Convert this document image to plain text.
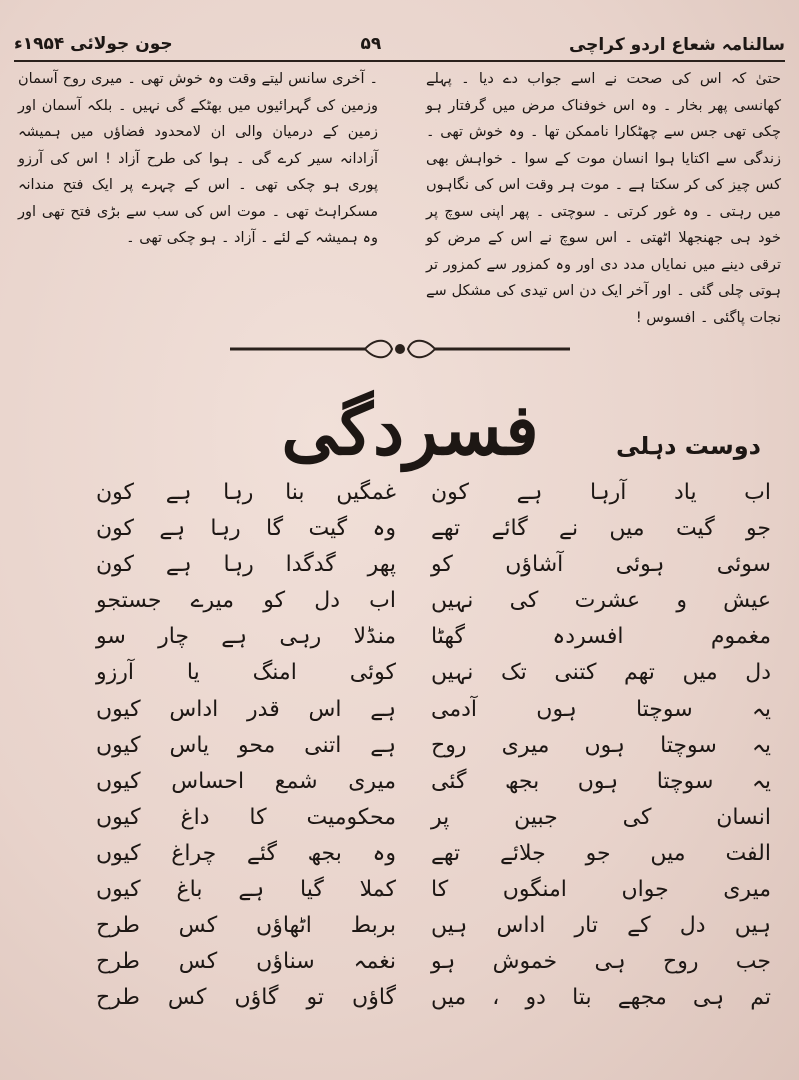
سالنامہ شعاع اردو کراچی
۵۹
جون جولائی ۱۹۵۴ء

حتیٰ کہ اس کی صحت نے اسے جواب دے دیا ۔ پہلے کھانسی پھر بخار ۔ وہ اس خوفناک مرض میں گرفتار ہو چکی تھی جس سے چھٹکارا ناممکن تھا ۔ وہ خوش تھی ۔ زندگی سے اکتایا ہوا انسان موت کے سوا ۔ خواہش بھی کس چیز کی کر سکتا ہے ۔ موت ہر وقت اس کی نگاہوں میں رہتی ۔ وہ غور کرتی ۔ سوچتی ۔ پھر اپنی سوچ پر خود ہی جھنجھلا اٹھتی ۔ اس سوچ نے اس کے مرض کو ترقی دینے میں نمایاں مدد دی اور وہ کمزور سے کمزور تر ہوتی چلی گئی ۔ اور آخر ایک دن اس تیدی کی مشکل سے نجات پاگئی ۔ افسوس !

۔ آخری سانس لیتے وقت وہ خوش تھی ۔ میری روح آسمان وزمین کی گہرائیوں میں بھٹکے گی نہیں ۔ بلکہ آسمان اور زمین کے درمیان والی ان لامحدود فضاؤں میں ہمیشہ آزادانہ سیر کرے گی ۔ ہوا کی طرح آزاد ! اس کی آرزو پوری ہو چکی تھی ۔ اس کے چہرے پر ایک فتح مندانہ مسکراہٹ تھی ۔ موت اس کی سب سے بڑی فتح تھی اور وہ ہمیشہ کے لئے ۔ آزاد ۔ ہو چکی تھی ۔

فسردگی	دوست دہلی
اب یاد آرہا ہے کون
جو گیت میں نے گائے تھے
سوئی ہوئی آشاؤں کو
عیش و عشرت کی نہیں
مغموم افسردہ گھٹا
دل میں تھم کتنی تک نہیں
یہ سوچتا ہوں آدمی
یہ سوچتا ہوں میری روح
یہ سوچتا ہوں بجھ گئی
انسان کی جبین پر
الفت میں جو جلائے تھے
میری جواں امنگوں کا
ہیں دل کے تار اداس ہیں
جب روح ہی خموش ہو
تم ہی مجھے بتا دو ، میں
غمگیں بنا رہا ہے کون
وہ گیت گا رہا ہے کون
پھر گدگدا رہا ہے کون
اب دل کو میرے جستجو
منڈلا رہی ہے چار سو
کوئی امنگ یا آرزو
ہے اس قدر اداس کیوں
ہے اتنی محو یاس کیوں
میری شمع احساس کیوں
محکومیت کا داغ کیوں
وہ بجھ گئے چراغ کیوں
کملا گیا ہے باغ کیوں
بربط اٹھاؤں کس طرح
نغمہ سناؤں کس طرح
گاؤں تو گاؤں کس طرح
